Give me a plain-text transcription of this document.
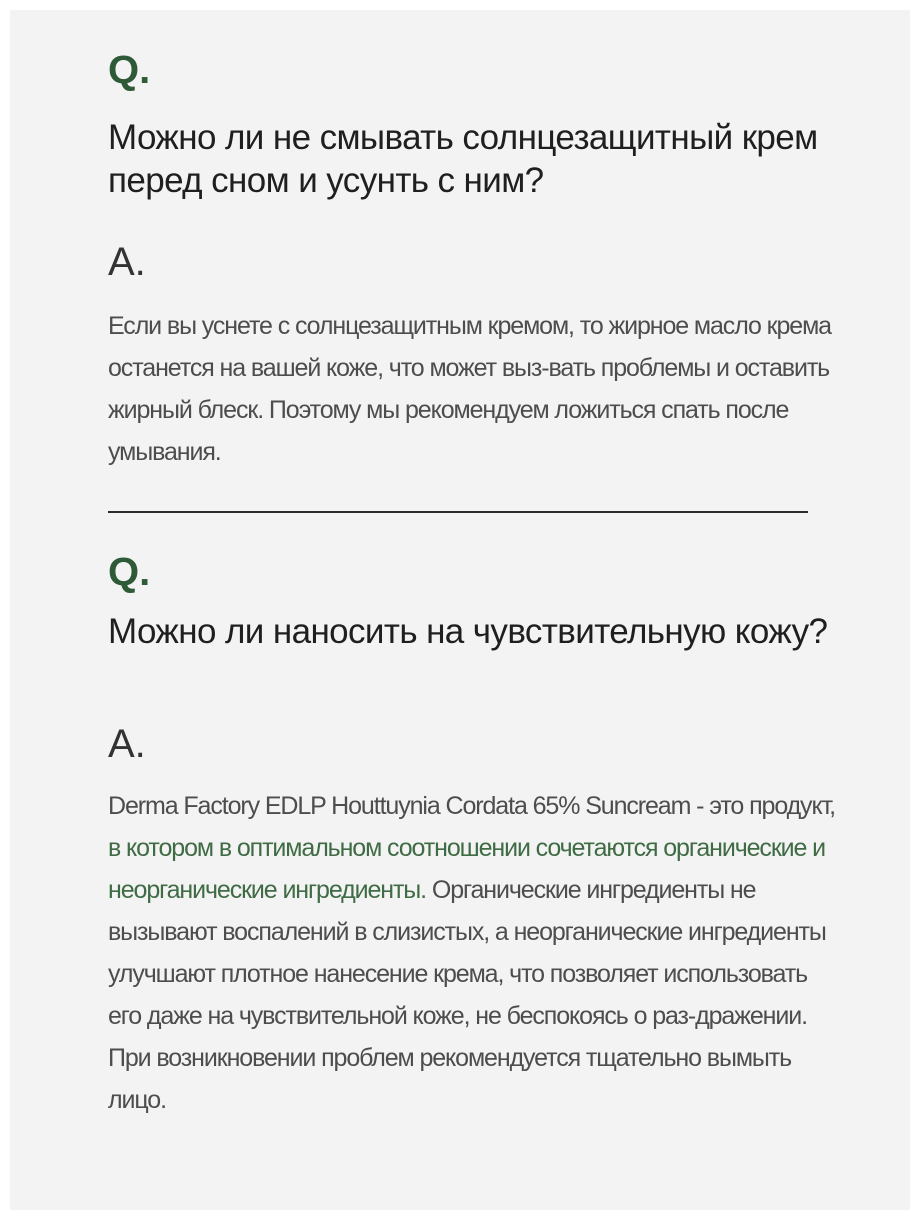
Q.

Можно ли не смывать солнцезащитный крем перед сном и усунть с ним?

A.

Если вы уснете с солнцезащитным кремом, то жирное масло крема останется на вашей коже, что может выз-вать проблемы и оставить жирный блеск. Поэтому мы рекомендуем ложиться спать после умывания.

Q.

Можно ли наносить на чувствительную кожу?

A.

Derma Factory EDLP Houttuynia Cordata 65% Suncream - это продукт, в котором в оптимальном соотношении сочетаются органические и неорганические ингредиенты. Органические ингредиенты не вызывают воспалений в слизистых, а неорганические ингредиенты улучшают плотное нанесение крема, что позволяет использовать его даже на чувствительной коже, не беспокоясь о раз-дражении. При возникновении проблем рекомендуется тщательно вымыть лицо.
